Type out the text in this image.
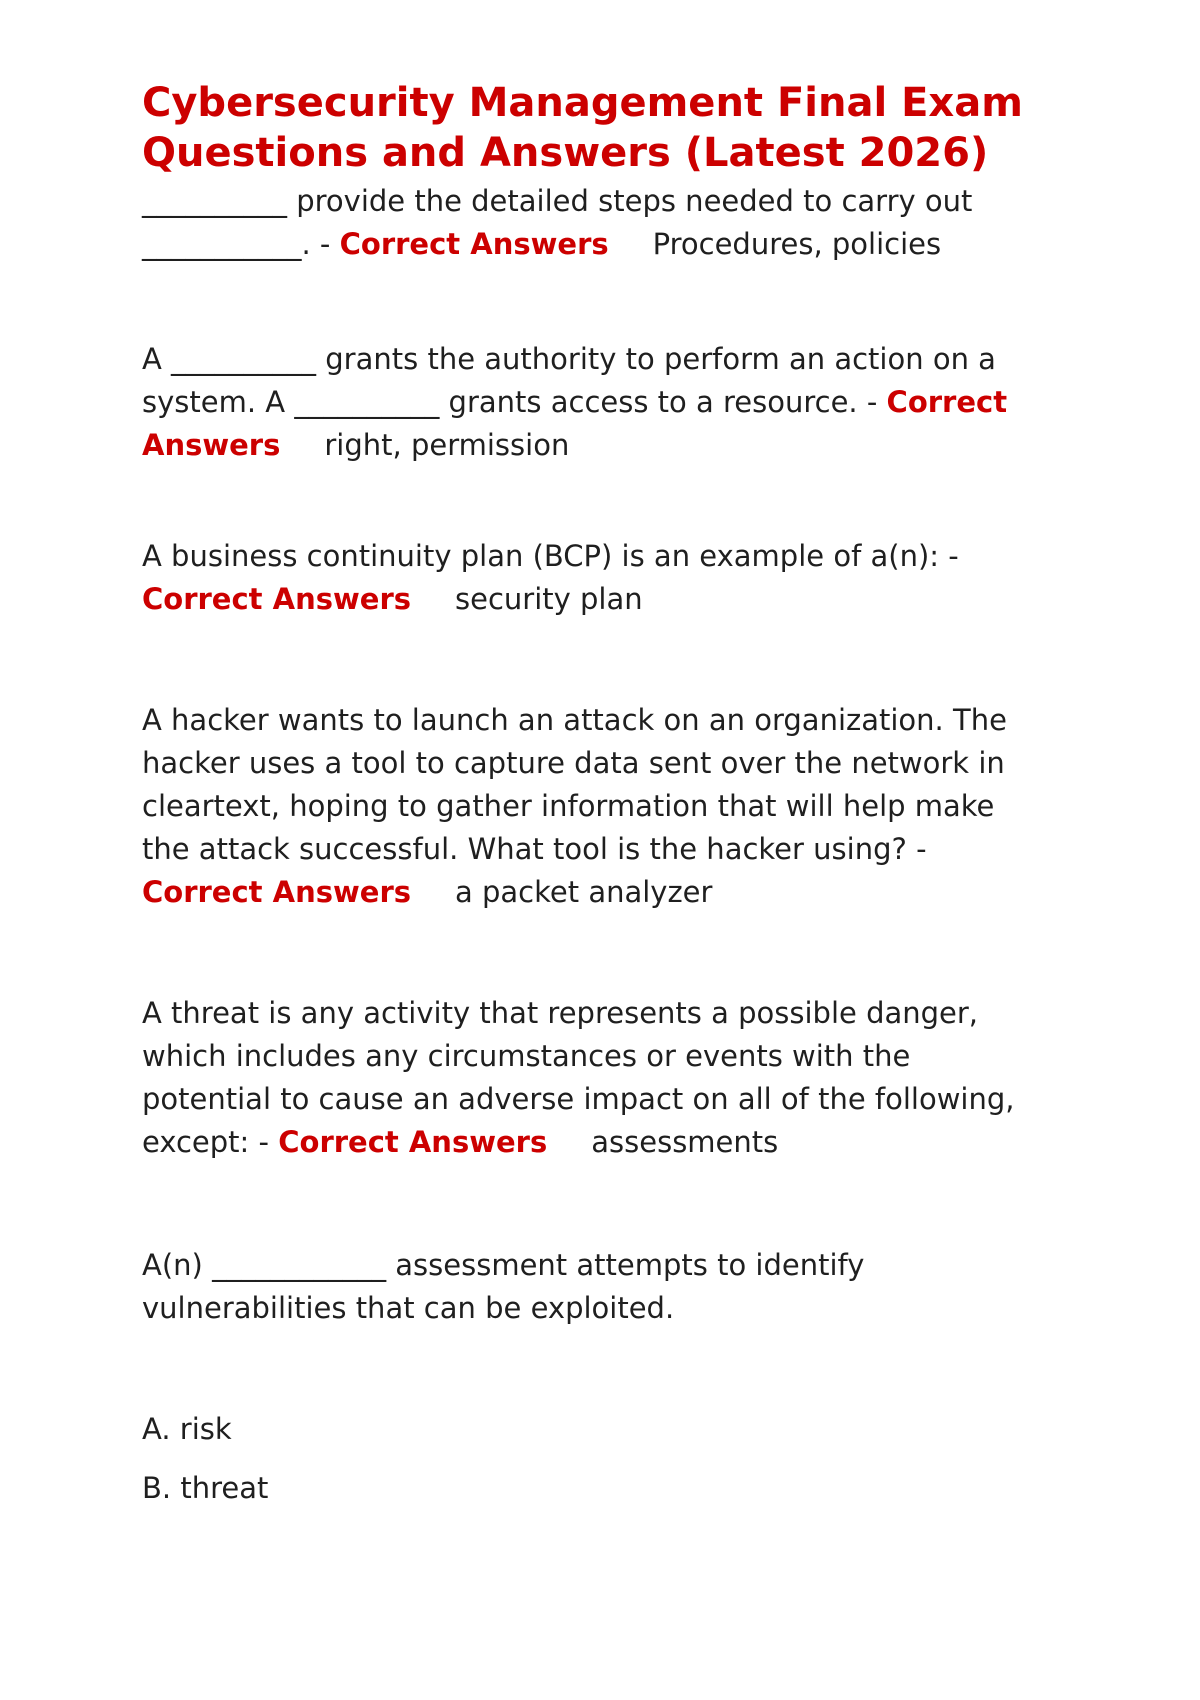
Cybersecurity Management Final Exam Questions and Answers (Latest 2026)

__________ provide the detailed steps needed to carry out ___________. - Correct Answers Procedures, policies

A __________ grants the authority to perform an action on a system. A __________ grants access to a resource. - Correct Answers right, permission

A business continuity plan (BCP) is an example of a(n): - Correct Answers security plan

A hacker wants to launch an attack on an organization. The hacker uses a tool to capture data sent over the network in cleartext, hoping to gather information that will help make the attack successful. What tool is the hacker using? - Correct Answers a packet analyzer

A threat is any activity that represents a possible danger, which includes any circumstances or events with the potential to cause an adverse impact on all of the following, except: - Correct Answers assessments

A(n) ____________ assessment attempts to identify vulnerabilities that can be exploited.

A. risk

B. threat
